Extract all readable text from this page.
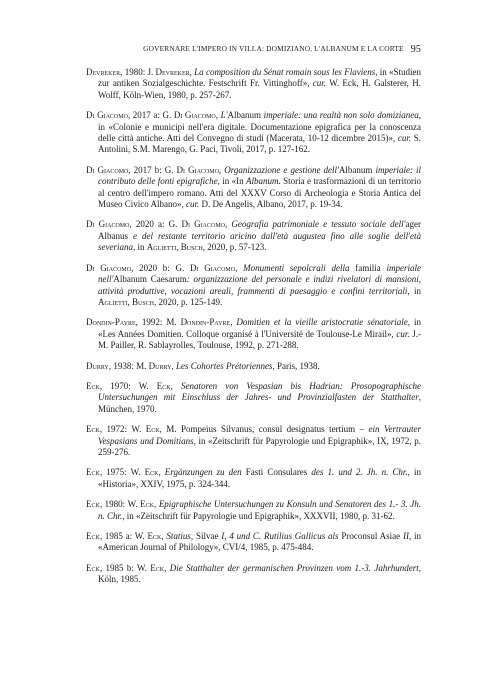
GOVERNARE L'IMPERO IN VILLA: DOMIZIANO, L'ALBANUM E LA CORTE 95

Devreker, 1980: J. Devreker, La composition du Sénat romain sous les Flaviens, in «Studien zur antiken Sozialgeschichte. Festschrift Fr. Vittinghoff», cur. W. Eck, H. Galsterer, H. Wolff, Köln-Wien, 1980, p. 257-267.

Di Giacomo, 2017 a: G. Di Giacomo, L'Albanum imperiale: una realtà non solo domizianea, in «Colonie e municipi nell'era digitale. Documentazione epigrafica per la conoscenza delle città antiche. Atti del Convegno di studi (Macerata, 10-12 dicembre 2015)», cur. S. Antolini, S.M. Marengo, G. Paci, Tivoli, 2017, p. 127-162.

Di Giacomo, 2017 b: G. Di Giacomo, Organizzazione e gestione dell'Albanum imperiale: il contributo delle fonti epigrafiche, in «In Albanum. Storia e trasformazioni di un territorio al centro dell'impero romano. Atti del XXXV Corso di Archeologia e Storia Antica del Museo Civico Albano», cur. D. De Angelis, Albano, 2017, p. 19-34.

Di Giacomo, 2020 a: G. Di Giacomo, Geografia patrimoniale e tessuto sociale dell'ager Albanus e del restante territorio aricino dall'età augustea fino alle soglie dell'età severiana, in Aglietti, Busch, 2020, p. 57-123.

Di Giacomo, 2020 b: G. Di Giacomo, Monumenti sepolcrali della familia imperiale nell'Albanum Caesarum: organizzazione del personale e indizi rivelatori di mansioni, attività produttive, vocazioni areali, frammenti di paesaggio e confini territoriali, in Aglietti, Busch, 2020, p. 125-149.

Dondin-Payre, 1992: M. Dondin-Payre, Domitien et la vieille aristocratie sénatoriale, in «Les Années Domitien. Colloque organisé à l'Université de Toulouse-Le Mirail», cur. J.-M. Pailler, R. Sablayrolles, Toulouse, 1992, p. 271-288.

Durry, 1938: M. Durry, Les Cohortes Prétoriennes, Paris, 1938.

Eck, 1970: W. Eck, Senatoren von Vespasian bis Hadrian: Prosopographische Untersuchungen mit Einschluss der Jahres- und Provinzialfasten der Statthalter, München, 1970.

Eck, 1972: W. Eck, M. Pompeius Silvanus, consul designatus tertium – ein Vertrauter Vespasians und Domitians, in «Zeitschrift für Papyrologie und Epigraphik», IX, 1972, p. 259-276.

Eck, 1975: W. Eck, Ergänzungen zu den Fasti Consulares des 1. und 2. Jh. n. Chr., in «Historia», XXIV, 1975, p. 324-344.

Eck, 1980: W. Eck, Epigraphische Untersuchungen zu Konsuln und Senatoren des 1.- 3. Jh. n. Chr., in «Zeitschrift für Papyrologie und Epigraphik», XXXVII, 1980, p. 31-62.

Eck, 1985 a: W. Eck, Statius, Silvae I, 4 und C. Rutilius Gallicus als Proconsul Asiae II, in «American Journal of Philology», CVI/4, 1985, p. 475-484.

Eck, 1985 b: W. Eck, Die Statthalter der germanischen Provinzen vom 1.-3. Jahrhundert, Köln, 1985.
